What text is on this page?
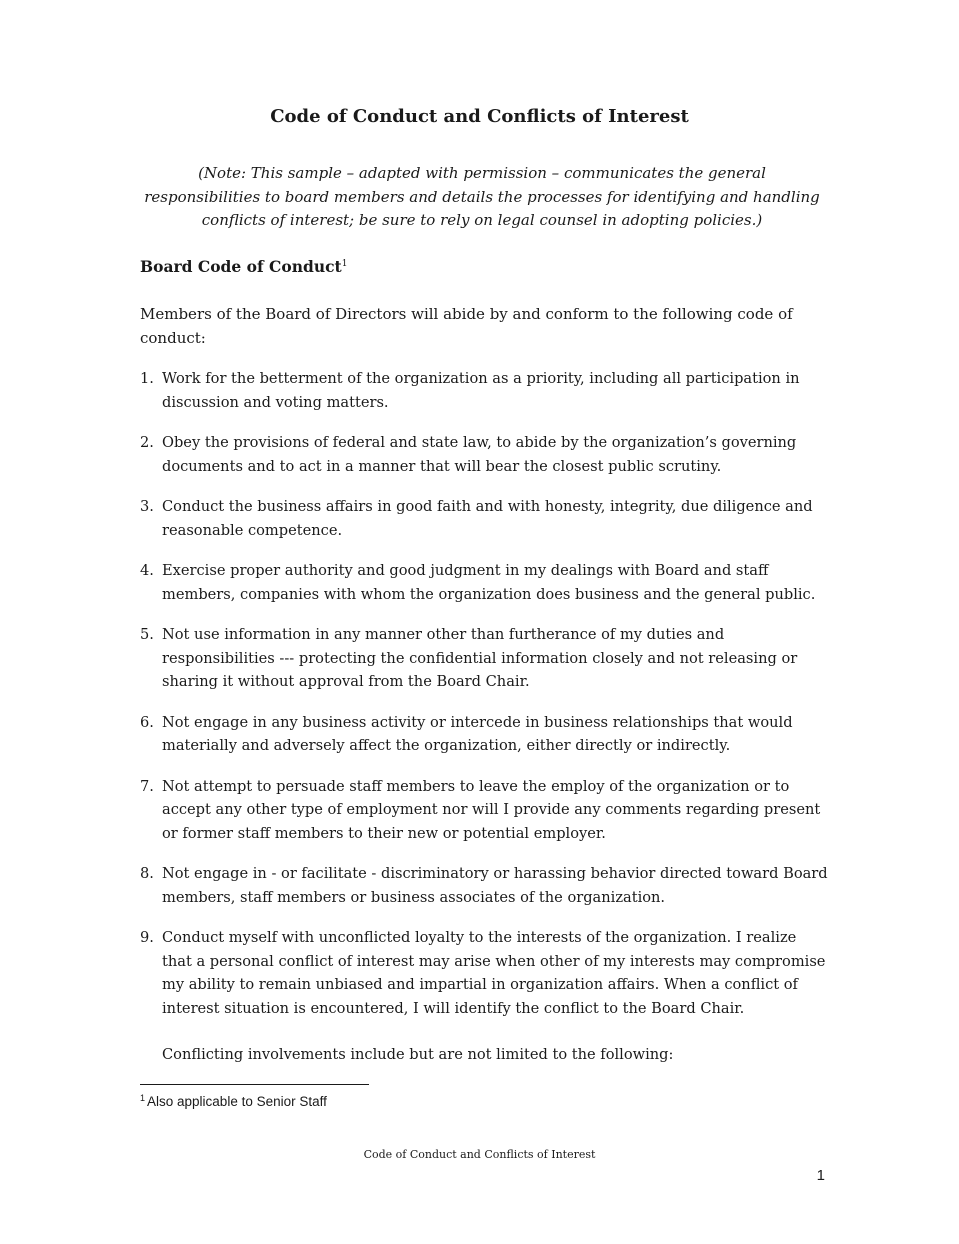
Code of Conduct and Conflicts of Interest

(Note: This sample – adapted with permission – communicates the general responsibilities to board members and details the processes for identifying and handling conflicts of interest; be sure to rely on legal counsel in adopting policies.)

Board Code of Conduct$^1$

Members of the Board of Directors will abide by and conform to the following code of conduct:

1. Work for the betterment of the organization as a priority, including all participation in discussion and voting matters.
2. Obey the provisions of federal and state law, to abide by the organization’s governing documents and to act in a manner that will bear the closest public scrutiny.
3. Conduct the business affairs in good faith and with honesty, integrity, due diligence and reasonable competence.
4. Exercise proper authority and good judgment in my dealings with Board and staff members, companies with whom the organization does business and the general public.
5. Not use information in any manner other than furtherance of my duties and responsibilities --- protecting the confidential information closely and not releasing or sharing it without approval from the Board Chair.
6. Not engage in any business activity or intercede in business relationships that would materially and adversely affect the organization, either directly or indirectly.
7. Not attempt to persuade staff members to leave the employ of the organization or to accept any other type of employment nor will I provide any comments regarding present or former staff members to their new or potential employer.
8. Not engage in - or facilitate - discriminatory or harassing behavior directed toward Board members, staff members or business associates of the organization.
9. Conduct myself with unconflicted loyalty to the interests of the organization. I realize that a personal conflict of interest may arise when other of my interests may compromise my ability to remain unbiased and impartial in organization affairs. When a conflict of interest situation is encountered, I will identify the conflict to the Board Chair.

Conflicting involvements include but are not limited to the following:

$^1$ Also applicable to Senior Staff

Code of Conduct and Conflicts of Interest

1
